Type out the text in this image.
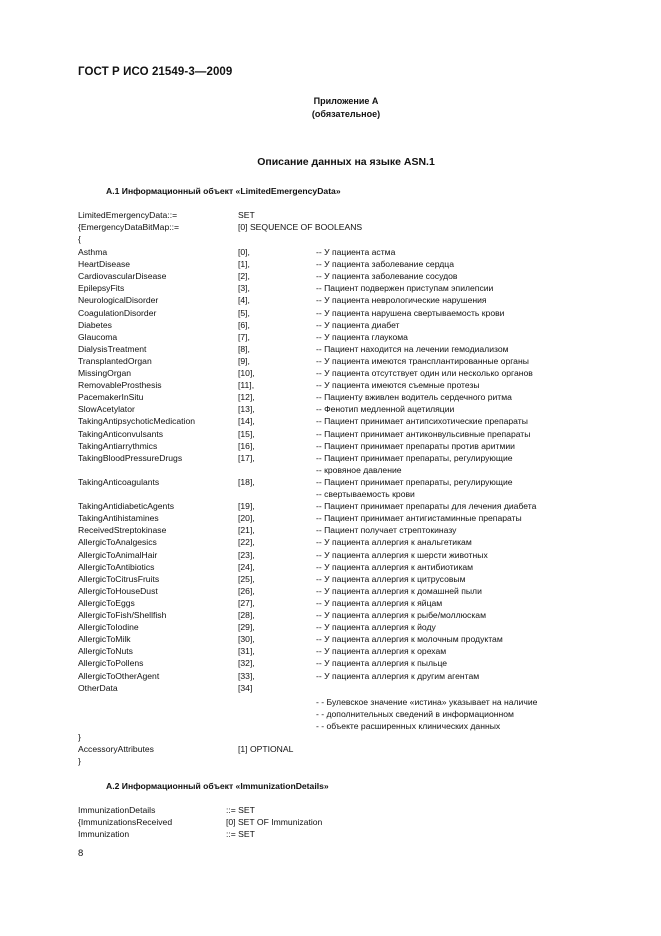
ГОСТ Р ИСО 21549-3—2009
Приложение А
(обязательное)
Описание данных на языке ASN.1
А.1 Информационный объект «LimitedEmergencyData»
LimitedEmergencyData::=	SET
{EmergencyDataBitMap::=	[0] SEQUENCE OF BOOLEANS
{
Asthma	[0],	-- У пациента астма
HeartDisease	[1],	-- У пациента заболевание сердца
CardiovascularDisease	[2],	-- У пациента заболевание сосудов
EpilepsyFits	[3],	-- Пациент подвержен приступам эпилепсии
NeurologicalDisorder	[4],	-- У пациента неврологические нарушения
CoagulationDisorder	[5],	-- У пациента нарушена свертываемость крови
Diabetes	[6],	-- У пациента диабет
Glaucoma	[7],	-- У пациента глаукома
DialysisTreatment	[8],	-- Пациент находится на лечении гемодиализом
TransplantedOrgan	[9],	-- У пациента имеются трансплантированные органы
MissingOrgan	[10],	-- У пациента отсутствует один или несколько органов
RemovableProsthesis	[11],	-- У пациента имеются съемные протезы
PacemakerInSitu	[12],	-- Пациенту вживлен водитель сердечного ритма
SlowAcetylator	[13],	-- Фенотип медленной ацетиляции
TakingAntipsychoticMedication	[14],	-- Пациент принимает антипсихотические препараты
TakingAnticonvulsants	[15],	-- Пациент принимает антиконвульсивные препараты
TakingAntiarrythmics	[16],	-- Пациент принимает препараты против аритмии
TakingBloodPressureDrugs	[17],	-- Пациент принимает препараты, регулирующие
-- кровяное давление
TakingAnticoagulants	[18],	-- Пациент принимает препараты, регулирующие
-- свертываемость крови
TakingAntidiabeticAgents	[19],	-- Пациент принимает препараты для лечения диабета
TakingAntihistamines	[20],	-- Пациент принимает антигистаминные препараты
ReceivedStreptokinase	[21],	-- Пациент получает стрептокиназу
AllergicToAnalgesics	[22],	-- У пациента аллергия к анальгетикам
AllergicToAnimalHair	[23],	-- У пациента аллергия к шерсти животных
AllergicToAntibiotics	[24],	-- У пациента аллергия к антибиотикам
AllergicToCitrusFruits	[25],	-- У пациента аллергия к цитрусовым
AllergicToHouseDust	[26],	-- У пациента аллергия к домашней пыли
AllergicToEggs	[27],	-- У пациента аллергия к яйцам
AllergicToFish/Shellfish	[28],	-- У пациента аллергия к рыбе/моллюскам
AllergicToIodine	[29],	-- У пациента аллергия к йоду
AllergicToMilk	[30],	-- У пациента аллергия к молочным продуктам
AllergicToNuts	[31],	-- У пациента аллергия к орехам
AllergicToPollens	[32],	-- У пациента аллергия к пыльце
AllergicToOtherAgent	[33],	-- У пациента аллергия к другим агентам
OtherData	[34]
- - Булевское значение «истина» указывает на наличие
- - дополнительных сведений в информационном
- - объекте расширенных клинических данных
}
AccessoryAttributes	[1] OPTIONAL
}
А.2 Информационный объект «ImmunizationDetails»
ImmunizationDetails	::= SET
{ImmunizationsReceived	[0] SET OF Immunization
Immunization	::= SET
8
